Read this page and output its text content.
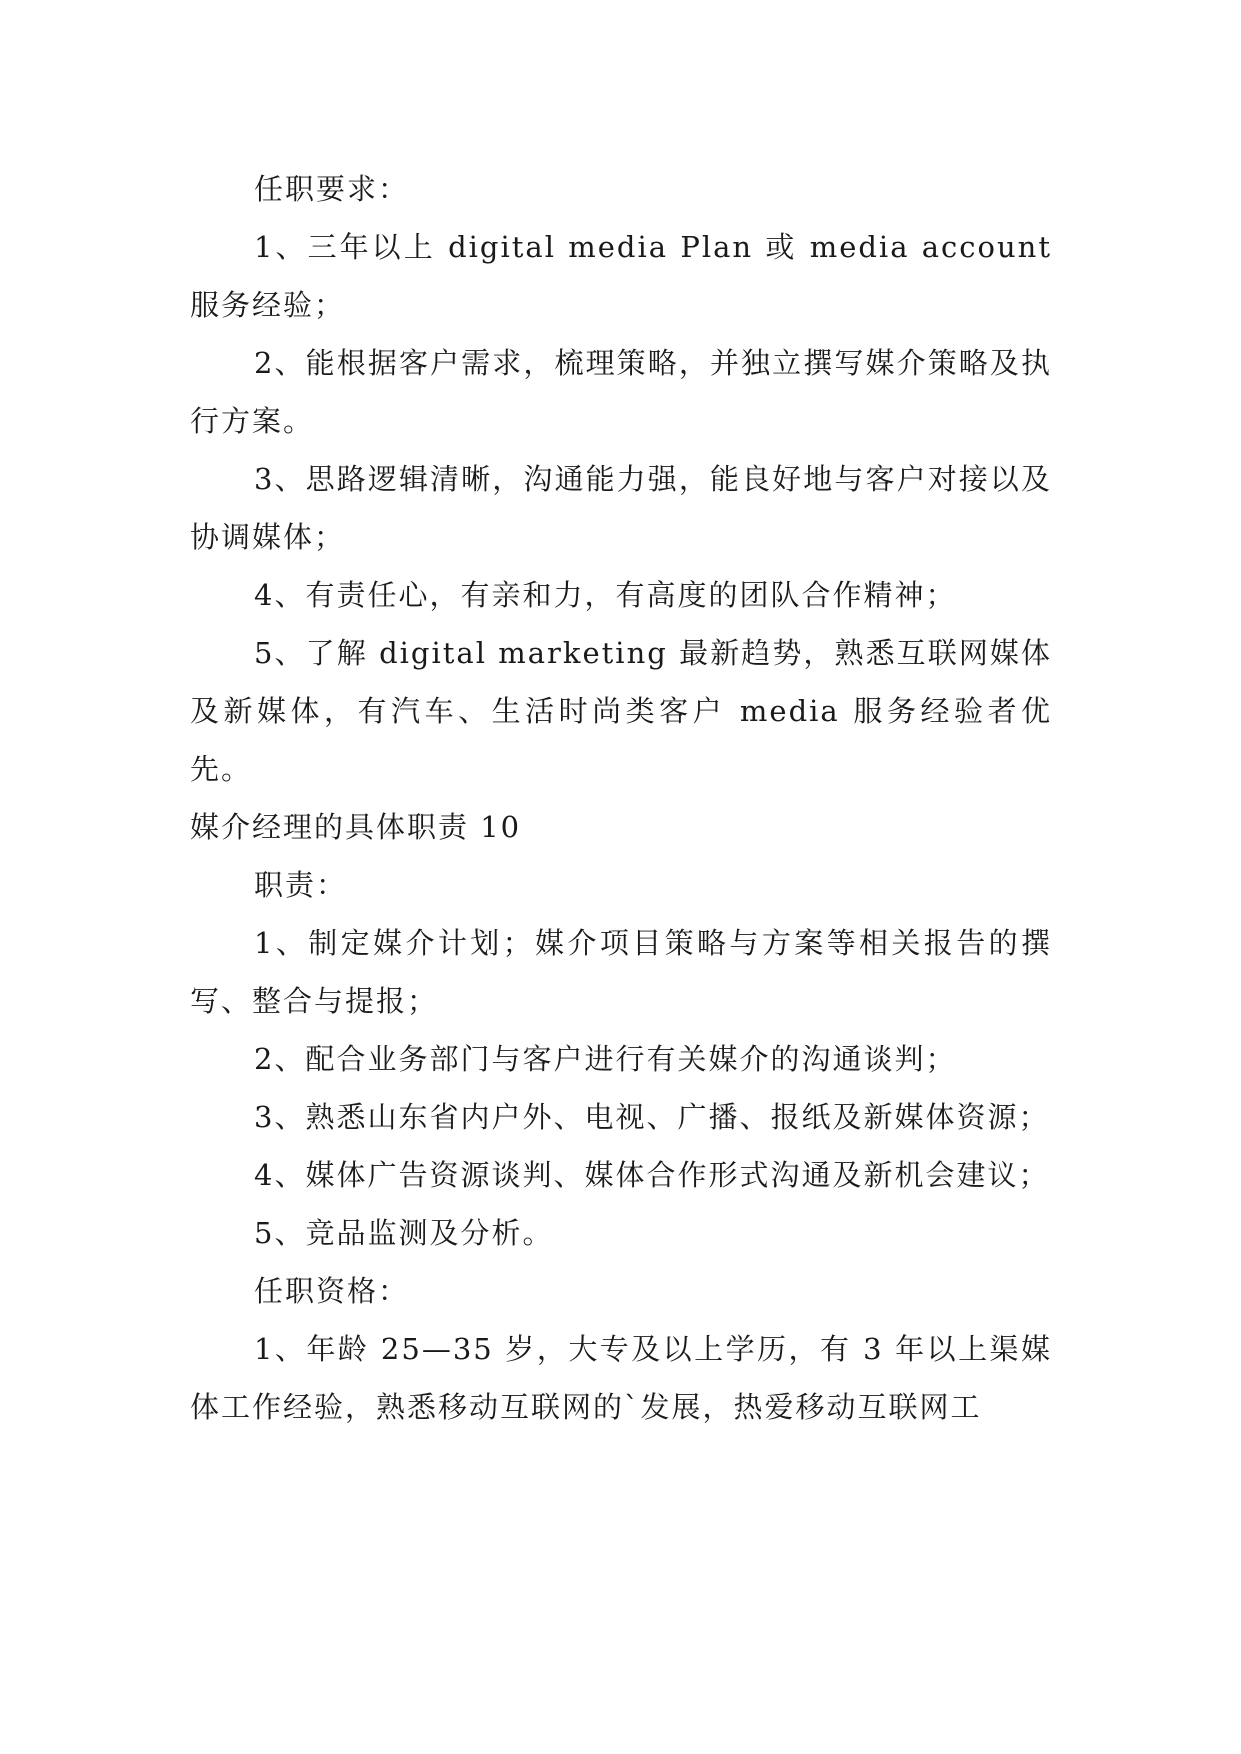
任职要求：

1、三年以上 digital media Plan 或 media account 服务经验；

2、能根据客户需求，梳理策略，并独立撰写媒介策略及执行方案。

3、思路逻辑清晰，沟通能力强，能良好地与客户对接以及协调媒体；

4、有责任心，有亲和力，有高度的团队合作精神；

5、了解 digital marketing 最新趋势，熟悉互联网媒体及新媒体，有汽车、生活时尚类客户 media 服务经验者优先。

媒介经理的具体职责 10

职责：

1、制定媒介计划；媒介项目策略与方案等相关报告的撰写、整合与提报；

2、配合业务部门与客户进行有关媒介的沟通谈判；

3、熟悉山东省内户外、电视、广播、报纸及新媒体资源；

4、媒体广告资源谈判、媒体合作形式沟通及新机会建议；

5、竞品监测及分析。

任职资格：

1、年龄 25—35 岁，大专及以上学历，有 3 年以上渠媒体工作经验，熟悉移动互联网的`发展，热爱移动互联网工
